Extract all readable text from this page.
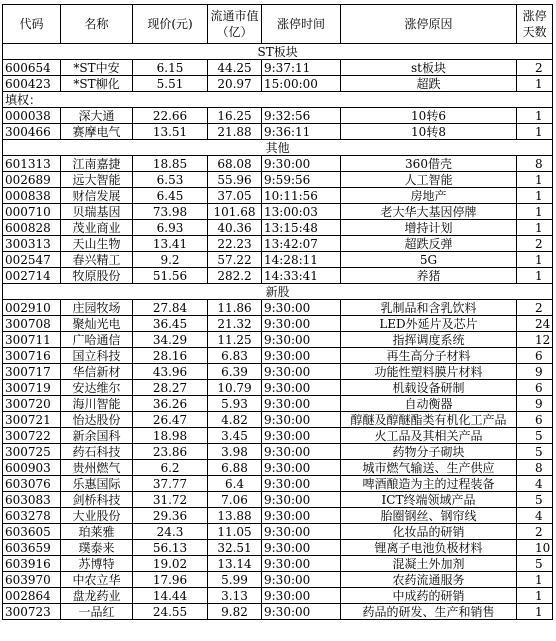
代码	名称	现价(元)	流通市值（亿）	涨停时间	涨停原因	涨停天数
ST板块						
600654	*ST中安	6.15	44.25	9:37:11	st板块	2
600423	*ST柳化	5.51	20.97	15:00:00	超跌	1
填权：						
000038	深大通	22.66	16.25	9:32:56	10转6	1
300466	赛摩电气	13.51	21.88	9:36:11	10转8	1
其他						
601313	江南嘉捷	18.85	68.08	9:30:00	360借壳	8
002689	远大智能	6.53	55.96	9:59:56	人工智能	1
000838	财信发展	6.45	37.05	10:11:56	房地产	1
000710	贝瑞基因	73.98	101.68	13:00:03	老大华大基因停牌	1
600828	茂业商业	6.93	40.36	13:15:48	增持计划	1
300313	天山生物	13.41	22.23	13:42:07	超跌反弹	2
002547	春兴精工	9.2	57.22	14:28:11	5G	1
002714	牧原股份	51.56	282.2	14:33:41	养猪	1
新股						
002910	庄园牧场	27.84	11.86	9:30:00	乳制品和含乳饮料	2
300708	聚灿光电	36.45	21.32	9:30:00	LED外延片及芯片	24
300711	广哈通信	34.29	11.25	9:30:00	指挥调度系统	12
300716	国立科技	28.16	6.83	9:30:00	再生高分子材料	6
300717	华信新材	43.96	6.39	9:30:00	功能性塑料膜片材料	9
300719	安达维尔	28.27	10.79	9:30:00	机载设备研制	6
300720	海川智能	36.26	5.93	9:30:00	自动衡器	9
300721	怡达股份	26.47	4.82	9:30:00	醇醚及醇醚酯类有机化工产品	6
300722	新余国科	18.98	3.45	9:30:00	火工品及其相关产品	5
300725	药石科技	23.86	3.98	9:30:00	药物分子砌块	5
600903	贵州燃气	6.2	6.88	9:30:00	城市燃气输送、生产供应	8
603076	乐惠国际	37.77	6.4	9:30:00	啤酒酿造为主的过程装备	4
603083	剑桥科技	31.72	7.06	9:30:00	ICT终端领域产品	5
603278	大业股份	29.36	13.88	9:30:00	胎圈钢丝、钢帘线	4
603605	珀莱雅	24.3	11.05	9:30:00	化妆品的研销	2
603659	璞泰来	56.13	32.51	9:30:00	锂离子电池负极材料	10
603916	苏博特	19.02	13.14	9:30:00	混凝土外加剂	5
603970	中农立华	17.96	5.99	9:30:00	农药流通服务	1
002864	盘龙药业	14.44	3.13	9:30:00	中成药的研销	1
300723	一品红	24.55	9.82	9:30:00	药品的研发、生产和销售	1
